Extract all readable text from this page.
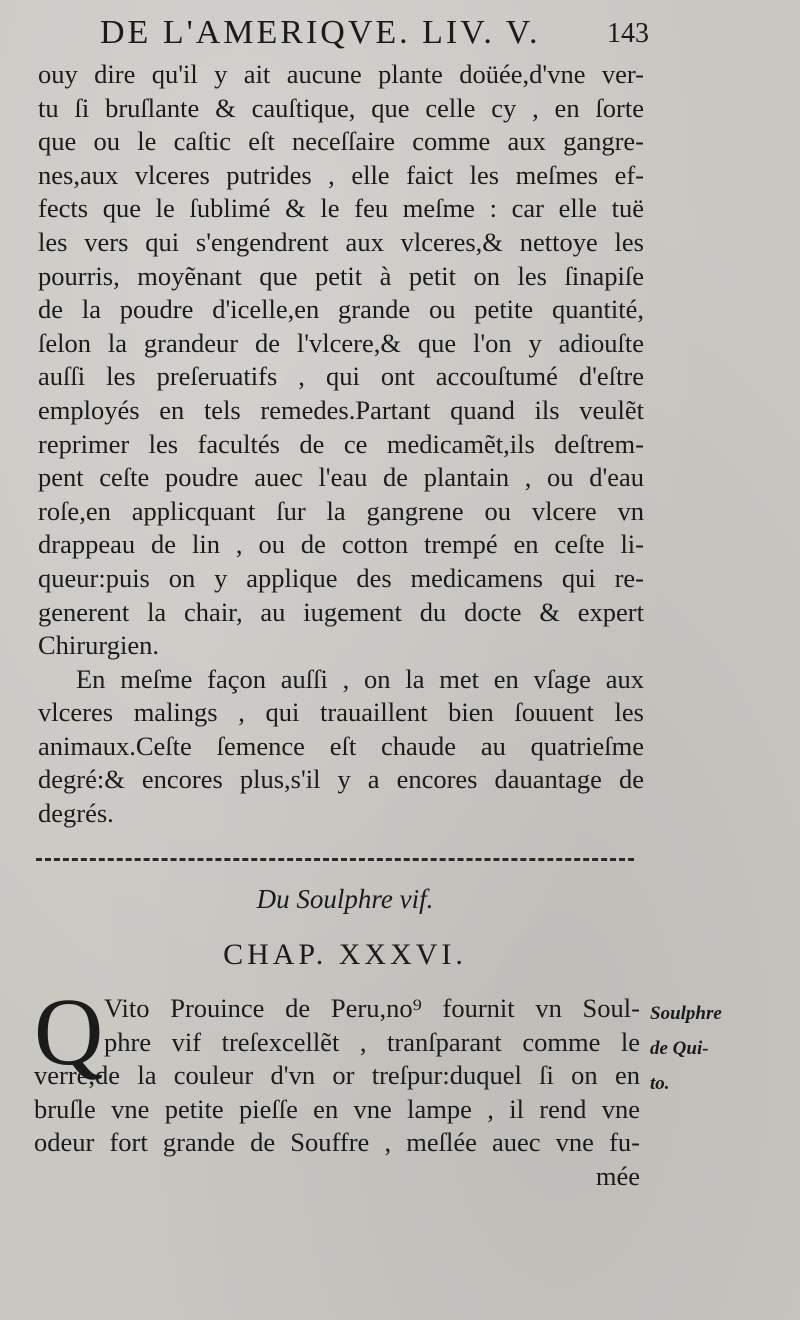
DE L'AMERIQVE. LIV. V. 143
ouy dire qu'il y ait aucune plante doüée,d'vne ver-
tu ſi bruſlante & cauſtique, que celle cy , en ſorte
que ou le caſtic eſt neceſſaire comme aux gangre-
nes,aux vlceres putrides , elle faict les meſmes ef-
fects que le ſublimé & le feu meſme : car elle tuë
les vers qui s'engendrent aux vlceres,& nettoye les
pourris, moyẽnant que petit à petit on les ſinapiſe
de la poudre d'icelle,en grande ou petite quantité,
ſelon la grandeur de l'vlcere,& que l'on y adiouſte
auſſi les preſeruatifs , qui ont accouſtumé d'eſtre
employés en tels remedes.Partant quand ils veulẽt
reprimer les facultés de ce medicamẽt,ils deſtrem-
pent ceſte poudre auec l'eau de plantain , ou d'eau
roſe,en applicquant ſur la gangrene ou vlcere vn
drappeau de lin , ou de cotton trempé en ceſte li-
queur:puis on y applique des medicamens qui re-
generent la chair, au iugement du docte & expert
Chirurgien.
En meſme façon auſſi , on la met en vſage aux
vlceres malings , qui trauaillent bien ſouuent les
animaux.Ceſte ſemence eſt chaude au quatrieſme
degré:& encores plus,s'il y a encores dauantage de
degrés.
Du Soulphre vif.
CHAP. XXXVI.
Q Vito Prouince de Peru,no⁹ fournit vn Soul-
phre vif treſexcellẽt , tranſparant comme le
verre,de la couleur d'vn or treſpur:duquel ſi on en
bruſle vne petite pieſſe en vne lampe , il rend vne
odeur fort grande de Souffre , meſlée auec vne fu-
mée
Soulphre
de Qui-
to.
